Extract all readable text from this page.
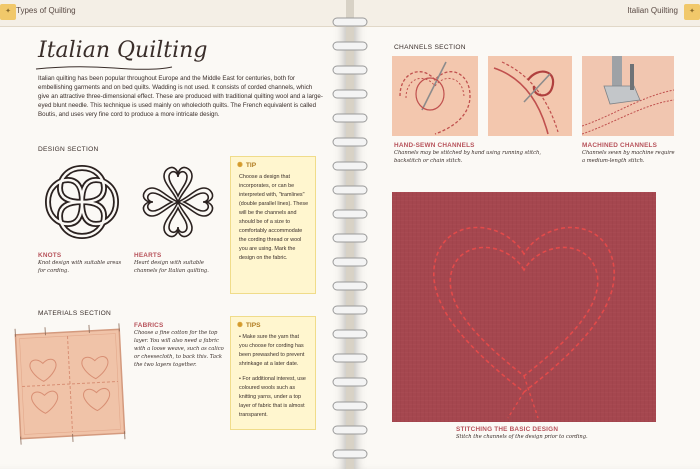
✦ Types of Quilting
Italian Quilting
Italian quilting has been popular throughout Europe and the Middle East for centuries, both for embellishing garments and on bed quilts. Wadding is not used. It consists of corded channels, which give an attractive three-dimensional effect. These are produced with traditional quilting wool and a large-eyed blunt needle. This technique is used mainly on wholecloth quilts. The French equivalent is called Boutis, and uses very fine cord to produce a more intricate design.
DESIGN SECTION
KNOTS
Knot design with suitable areas for cording.
HEARTS
Heart design with suitable channels for Italian quilting.
✺ TIP
Choose a design that incorporates, or can be interpreted with, "tramlines" (double parallel lines). These will be the channels and should be of a size to comfortably accommodate the cording thread or wool you are using. Mark the design on the fabric.
MATERIALS SECTION
FABRICS
Choose a fine cotton for the top layer. You will also need a fabric with a loose weave, such as calico or cheesecloth, to back this. Tack the two layers together.
✺ TIPS
• Make sure the yarn that you choose for cording has been prewashed to prevent shrinkage at a later date.
• For additional interest, use coloured wools such as knitting yarns, under a top layer of fabric that is almost transparent.
✦
Italian Quilting
CHANNELS SECTION
HAND-SEWN CHANNELS
Channels may be stitched by hand using running stitch, backstitch or chain stitch.
MACHINED CHANNELS
Channels sewn by machine require a medium-length stitch.
STITCHING THE BASIC DESIGN
Stitch the channels of the design prior to cording.
